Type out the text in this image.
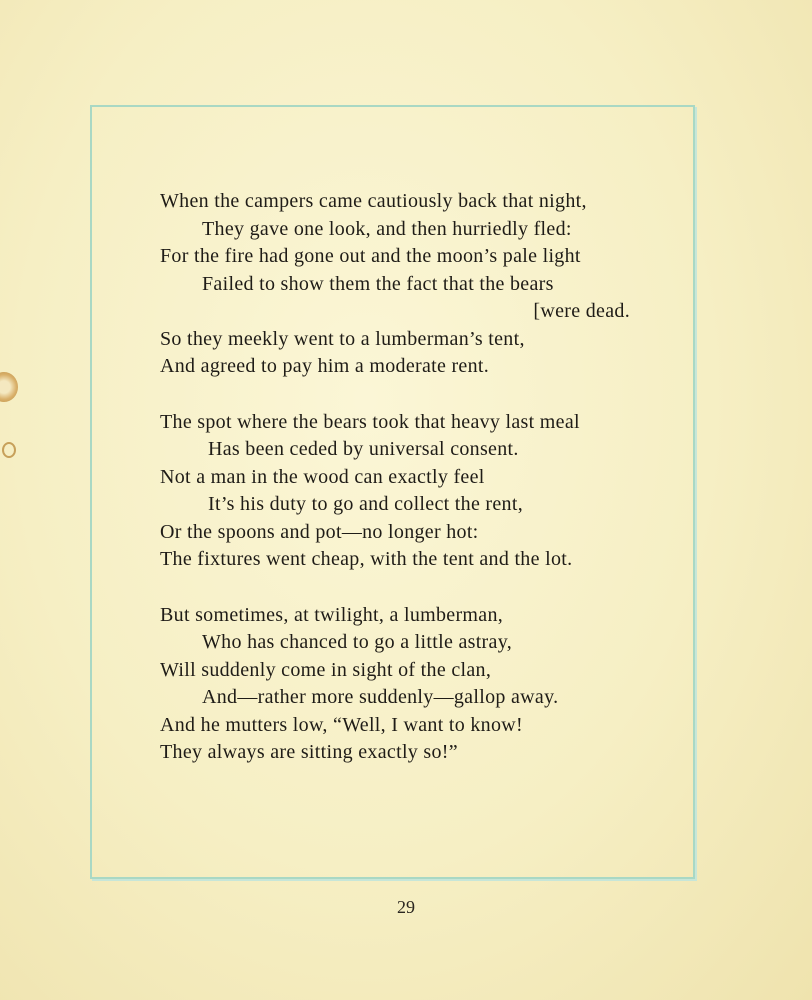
When the campers came cautiously back that night,
They gave one look, and then hurriedly fled:
For the fire had gone out and the moon’s pale light
Failed to show them the fact that the bears
[were dead.
So they meekly went to a lumberman’s tent,
And agreed to pay him a moderate rent.
The spot where the bears took that heavy last meal
Has been ceded by universal consent.
Not a man in the wood can exactly feel
It’s his duty to go and collect the rent,
Or the spoons and pot—no longer hot:
The fixtures went cheap, with the tent and the lot.
But sometimes, at twilight, a lumberman,
Who has chanced to go a little astray,
Will suddenly come in sight of the clan,
And—rather more suddenly—gallop away.
And he mutters low, “Well, I want to know!
They always are sitting exactly so!”
29
